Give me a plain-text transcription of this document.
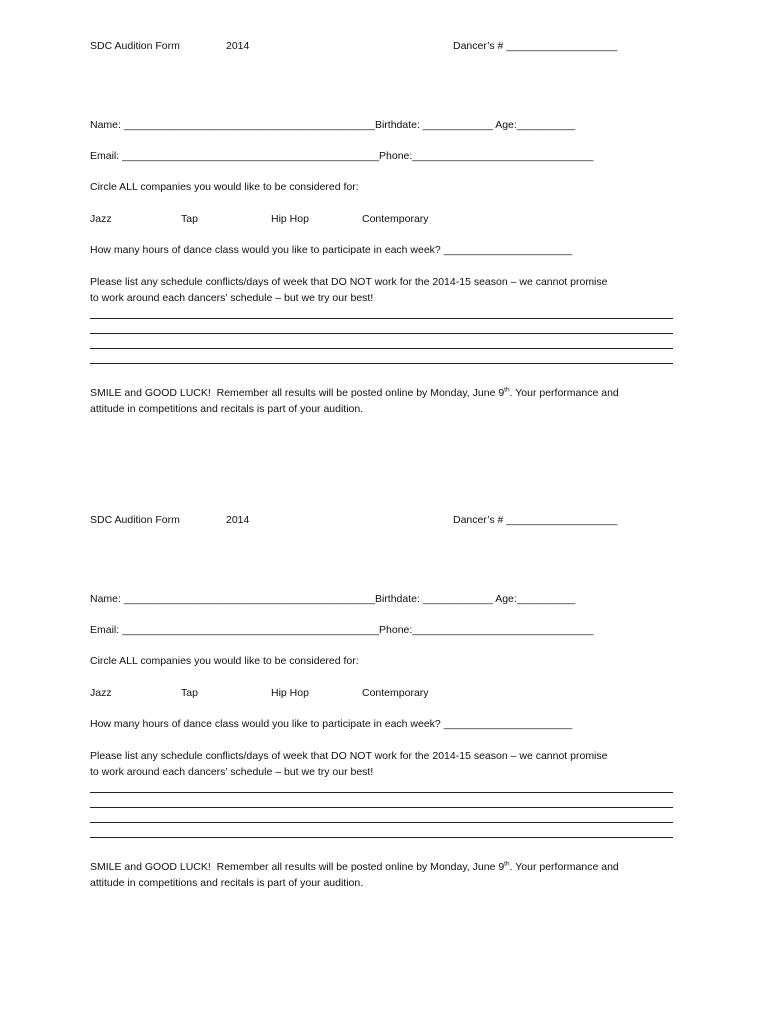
SDC Audition Form	2014	Dancer’s # ___________________
Name: ___________________________________________Birthdate: ____________ Age:__________
Email: ____________________________________________Phone:_______________________________
Circle ALL companies you would like to be considered for:
Jazz	Tap	Hip Hop	Contemporary
How many hours of dance class would you like to participate in each week? ______________________
Please list any schedule conflicts/days of week that DO NOT work for the 2014-15 season – we cannot promise
to work around each dancers’ schedule – but we try our best!
SMILE and GOOD LUCK!  Remember all results will be posted online by Monday, June 9th. Your performance and
attitude in competitions and recitals is part of your audition.
SDC Audition Form	2014	Dancer’s # ___________________
Name: ___________________________________________Birthdate: ____________ Age:__________
Email: ____________________________________________Phone:_______________________________
Circle ALL companies you would like to be considered for:
Jazz	Tap	Hip Hop	Contemporary
How many hours of dance class would you like to participate in each week? ______________________
Please list any schedule conflicts/days of week that DO NOT work for the 2014-15 season – we cannot promise
to work around each dancers’ schedule – but we try our best!
SMILE and GOOD LUCK!  Remember all results will be posted online by Monday, June 9th. Your performance and
attitude in competitions and recitals is part of your audition.
